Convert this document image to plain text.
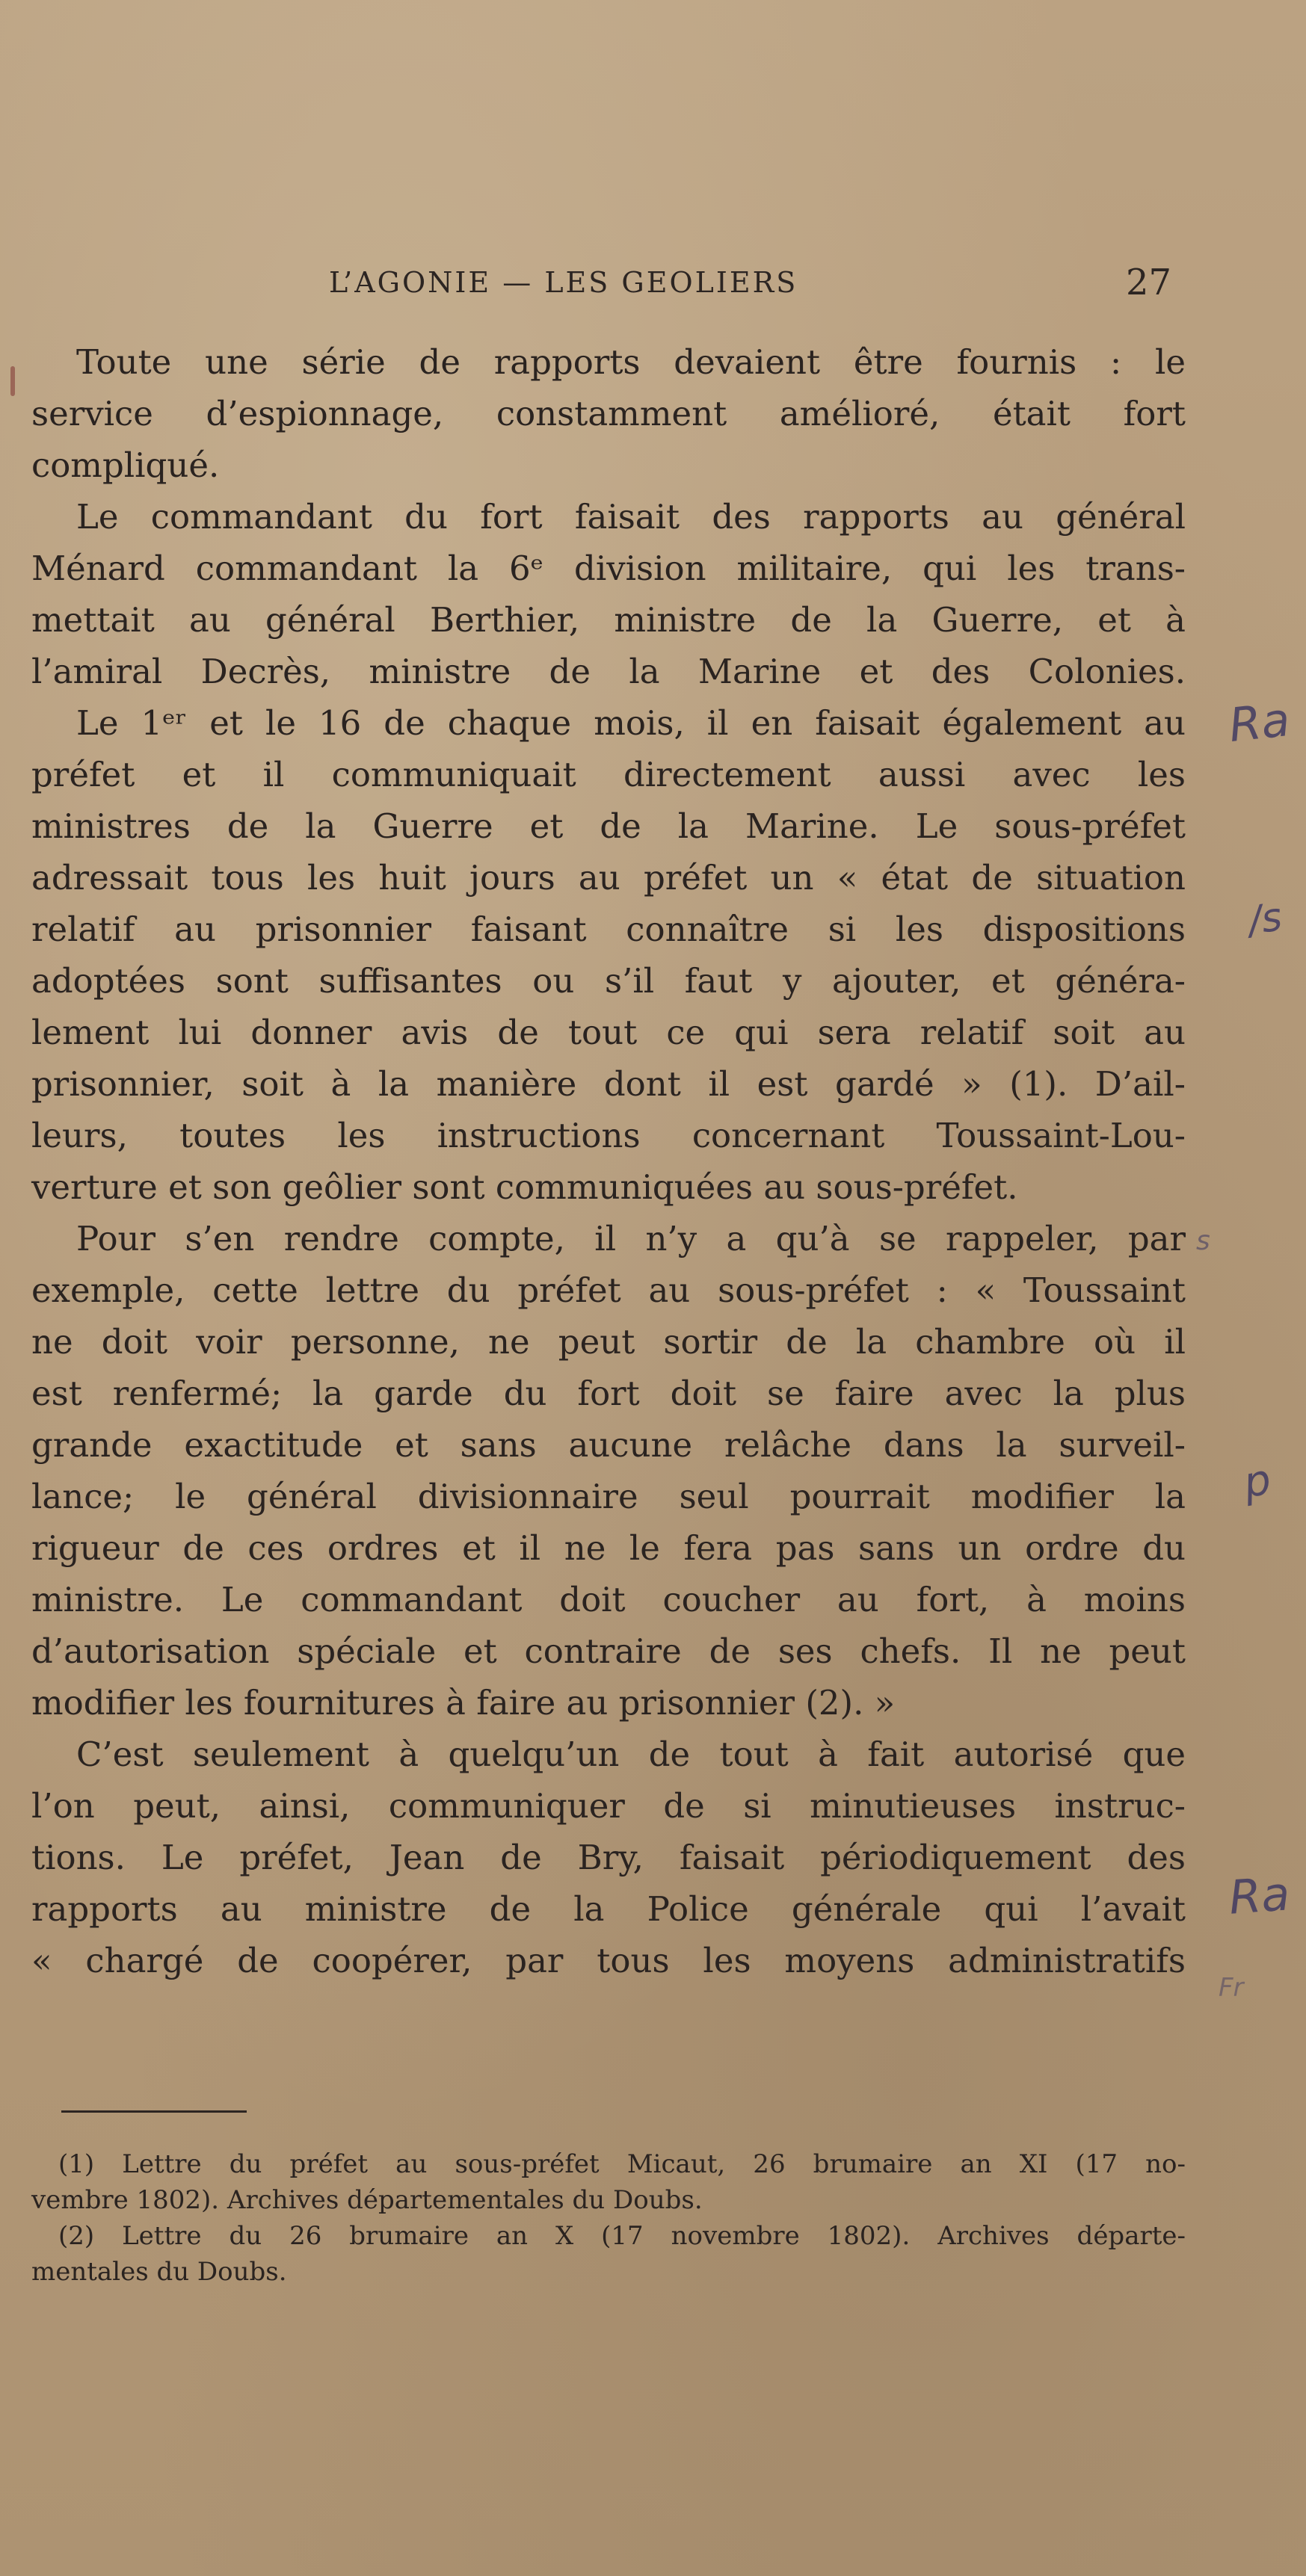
L’AGONIE — LES GEOLIERS	27
Toute une série de rapports devaient être fournis : le
service d’espionnage, constamment amélioré, était fort
compliqué.
Le commandant du fort faisait des rapports au général
Ménard commandant la 6ᵉ division militaire, qui les trans-
mettait au général Berthier, ministre de la Guerre, et à
l’amiral Decrès, ministre de la Marine et des Colonies.
Le 1ᵉʳ et le 16 de chaque mois, il en faisait également au
préfet et il communiquait directement aussi avec les
ministres de la Guerre et de la Marine. Le sous-préfet
adressait tous les huit jours au préfet un « état de situation
relatif au prisonnier faisant connaître si les dispositions
adoptées sont suffisantes ou s’il faut y ajouter, et généra-
lement lui donner avis de tout ce qui sera relatif soit au
prisonnier, soit à la manière dont il est gardé » (1). D’ail-
leurs, toutes les instructions concernant Toussaint-Lou-
verture et son geôlier sont communiquées au sous-préfet.
Pour s’en rendre compte, il n’y a qu’à se rappeler, par
exemple, cette lettre du préfet au sous-préfet : « Toussaint
ne doit voir personne, ne peut sortir de la chambre où il
est renfermé; la garde du fort doit se faire avec la plus
grande exactitude et sans aucune relâche dans la surveil-
lance; le général divisionnaire seul pourrait modifier la
rigueur de ces ordres et il ne le fera pas sans un ordre du
ministre. Le commandant doit coucher au fort, à moins
d’autorisation spéciale et contraire de ses chefs. Il ne peut
modifier les fournitures à faire au prisonnier (2). »
C’est seulement à quelqu’un de tout à fait autorisé que
l’on peut, ainsi, communiquer de si minutieuses instruc-
tions. Le préfet, Jean de Bry, faisait périodiquement des
rapports au ministre de la Police générale qui l’avait
« chargé de coopérer, par tous les moyens administratifs
(1) Lettre du préfet au sous-préfet Micaut, 26 brumaire an XI (17 no-
vembre 1802). Archives départementales du Doubs.
(2) Lettre du 26 brumaire an X (17 novembre 1802). Archives départe-
mentales du Doubs.
Ra
/s
s
p
Ra
Fr
